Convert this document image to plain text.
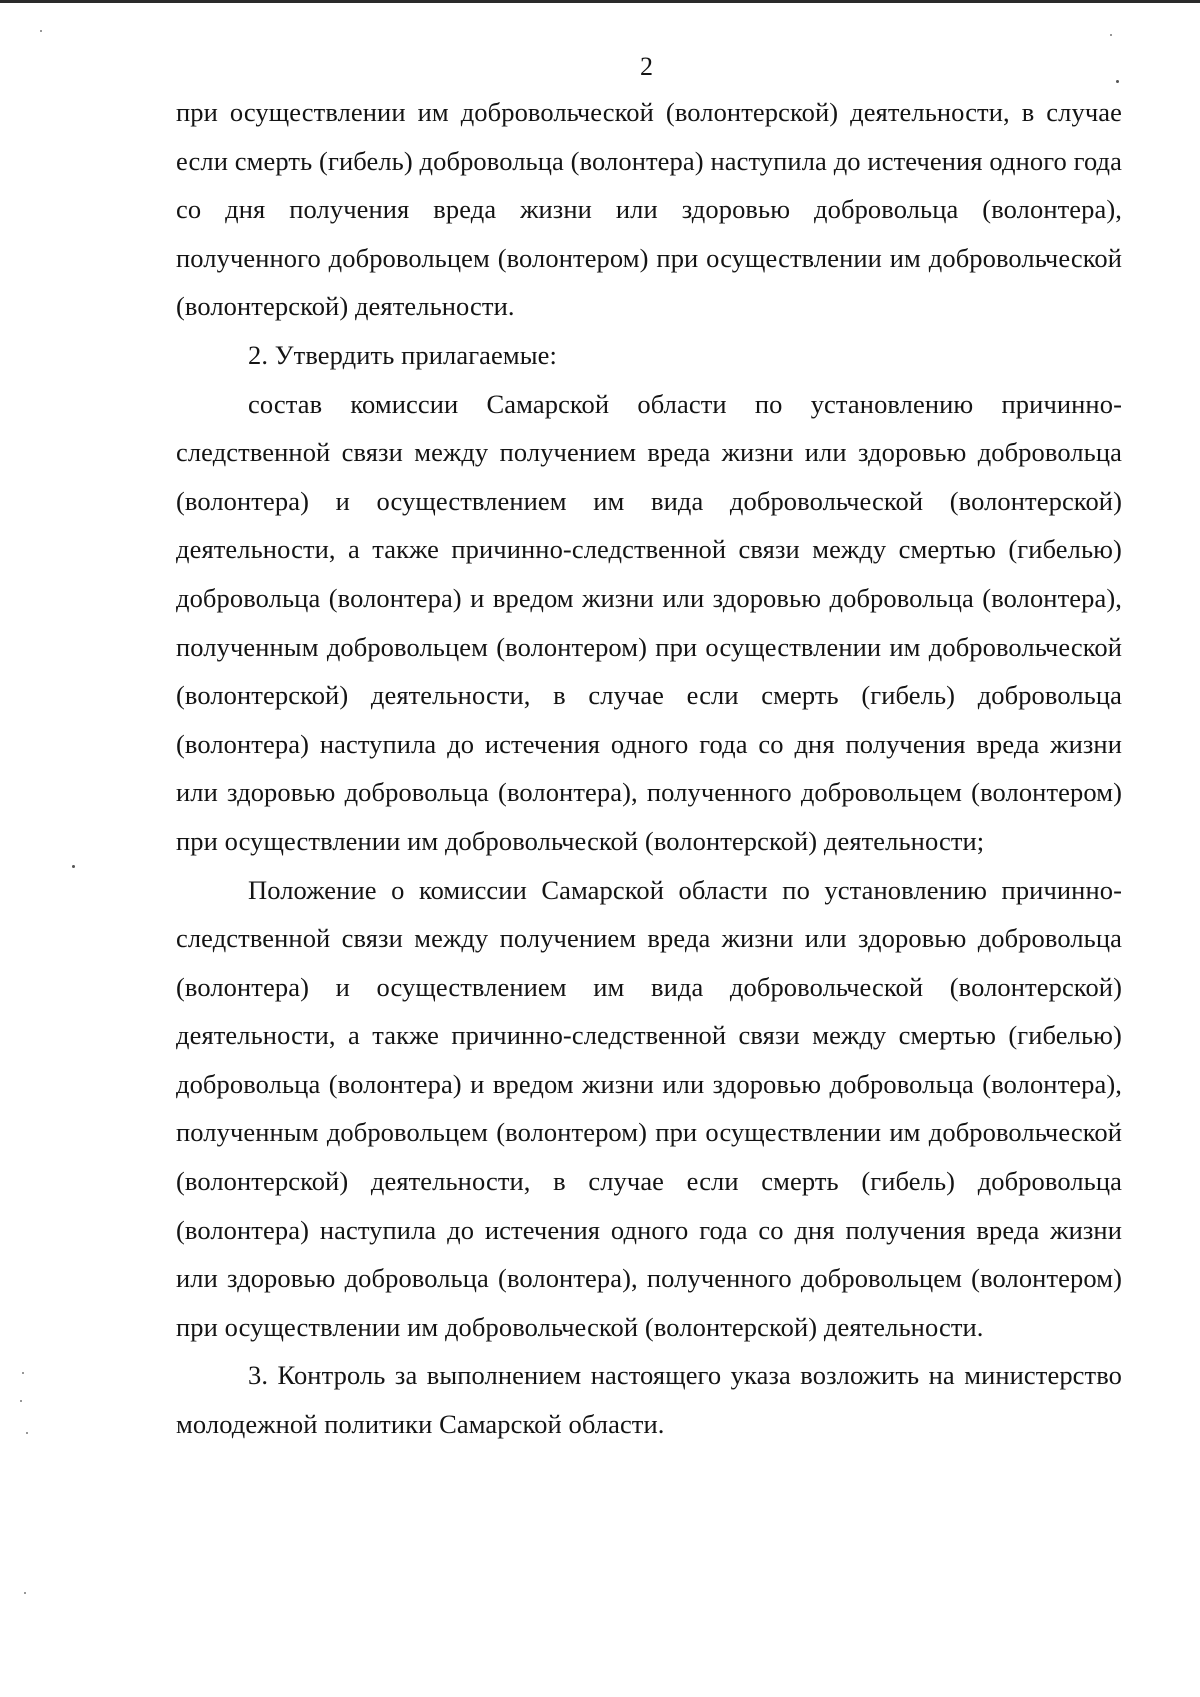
2

при осуществлении им добровольческой (волонтерской) деятельности, в случае если смерть (гибель) добровольца (волонтера) наступила до истечения одного года со дня получения вреда жизни или здоровью добровольца (волонтера), полученного добровольцем (волонтером) при осуществлении им добровольческой (волонтерской) деятельности.

2. Утвердить прилагаемые:

состав комиссии Самарской области по установлению причинно-следственной связи между получением вреда жизни или здоровью добровольца (волонтера) и осуществлением им вида добровольческой (волонтерской) деятельности, а также причинно-следственной связи между смертью (гибелью) добровольца (волонтера) и вредом жизни или здоровью добровольца (волонтера), полученным добровольцем (волонтером) при осуществлении им добровольческой (волонтерской) деятельности, в случае если смерть (гибель) добровольца (волонтера) наступила до истечения одного года со дня получения вреда жизни или здоровью добровольца (волонтера), полученного добровольцем (волонтером) при осуществлении им добровольческой (волонтерской) деятельности;

Положение о комиссии Самарской области по установлению причинно-следственной связи между получением вреда жизни или здоровью добровольца (волонтера) и осуществлением им вида добровольческой (волонтерской) деятельности, а также причинно-следственной связи между смертью (гибелью) добровольца (волонтера) и вредом жизни или здоровью добровольца (волонтера), полученным добровольцем (волонтером) при осуществлении им добровольческой (волонтерской) деятельности, в случае если смерть (гибель) добровольца (волонтера) наступила до истечения одного года со дня получения вреда жизни или здоровью добровольца (волонтера), полученного добровольцем (волонтером) при осуществлении им добровольческой (волонтерской) деятельности.

3. Контроль за выполнением настоящего указа возложить на министерство молодежной политики Самарской области.
